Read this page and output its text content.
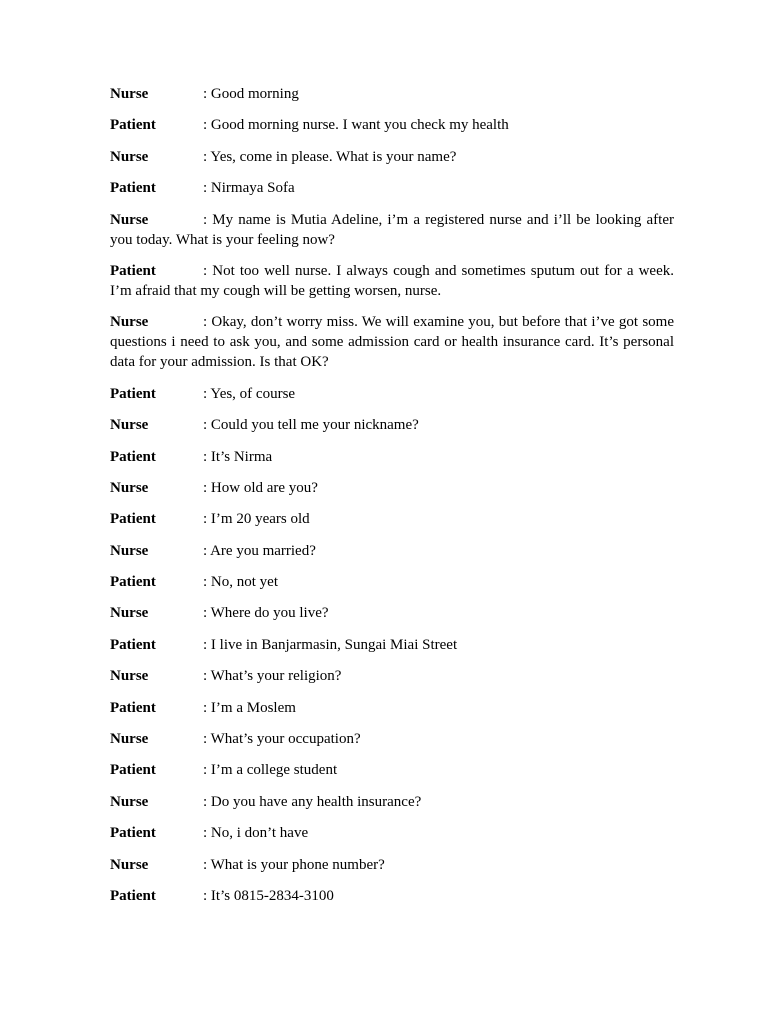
Nurse	: Good morning
Patient	: Good morning nurse. I want you check my health
Nurse	: Yes, come in please. What is your name?
Patient	: Nirmaya Sofa
Nurse	: My name is Mutia Adeline, i’m a registered nurse and i’ll be looking after you today. What is your feeling now?
Patient	: Not too well nurse. I always cough and sometimes sputum out for a week. I’m afraid that my cough will be getting worsen, nurse.
Nurse	: Okay, don’t worry miss. We will examine you, but before that i’ve got some questions i need to ask you, and some admission card or health insurance card. It’s personal data for your admission. Is that OK?
Patient	: Yes, of course
Nurse	: Could you tell me your nickname?
Patient	: It’s Nirma
Nurse	: How old are you?
Patient	: I’m 20 years old
Nurse	: Are you married?
Patient	: No, not yet
Nurse	: Where do you live?
Patient	: I live in Banjarmasin, Sungai Miai Street
Nurse	: What’s your religion?
Patient	: I’m a Moslem
Nurse	: What’s your occupation?
Patient	: I’m a college student
Nurse	: Do you have any health insurance?
Patient	: No, i don’t have
Nurse	: What is your phone number?
Patient	: It’s 0815-2834-3100
